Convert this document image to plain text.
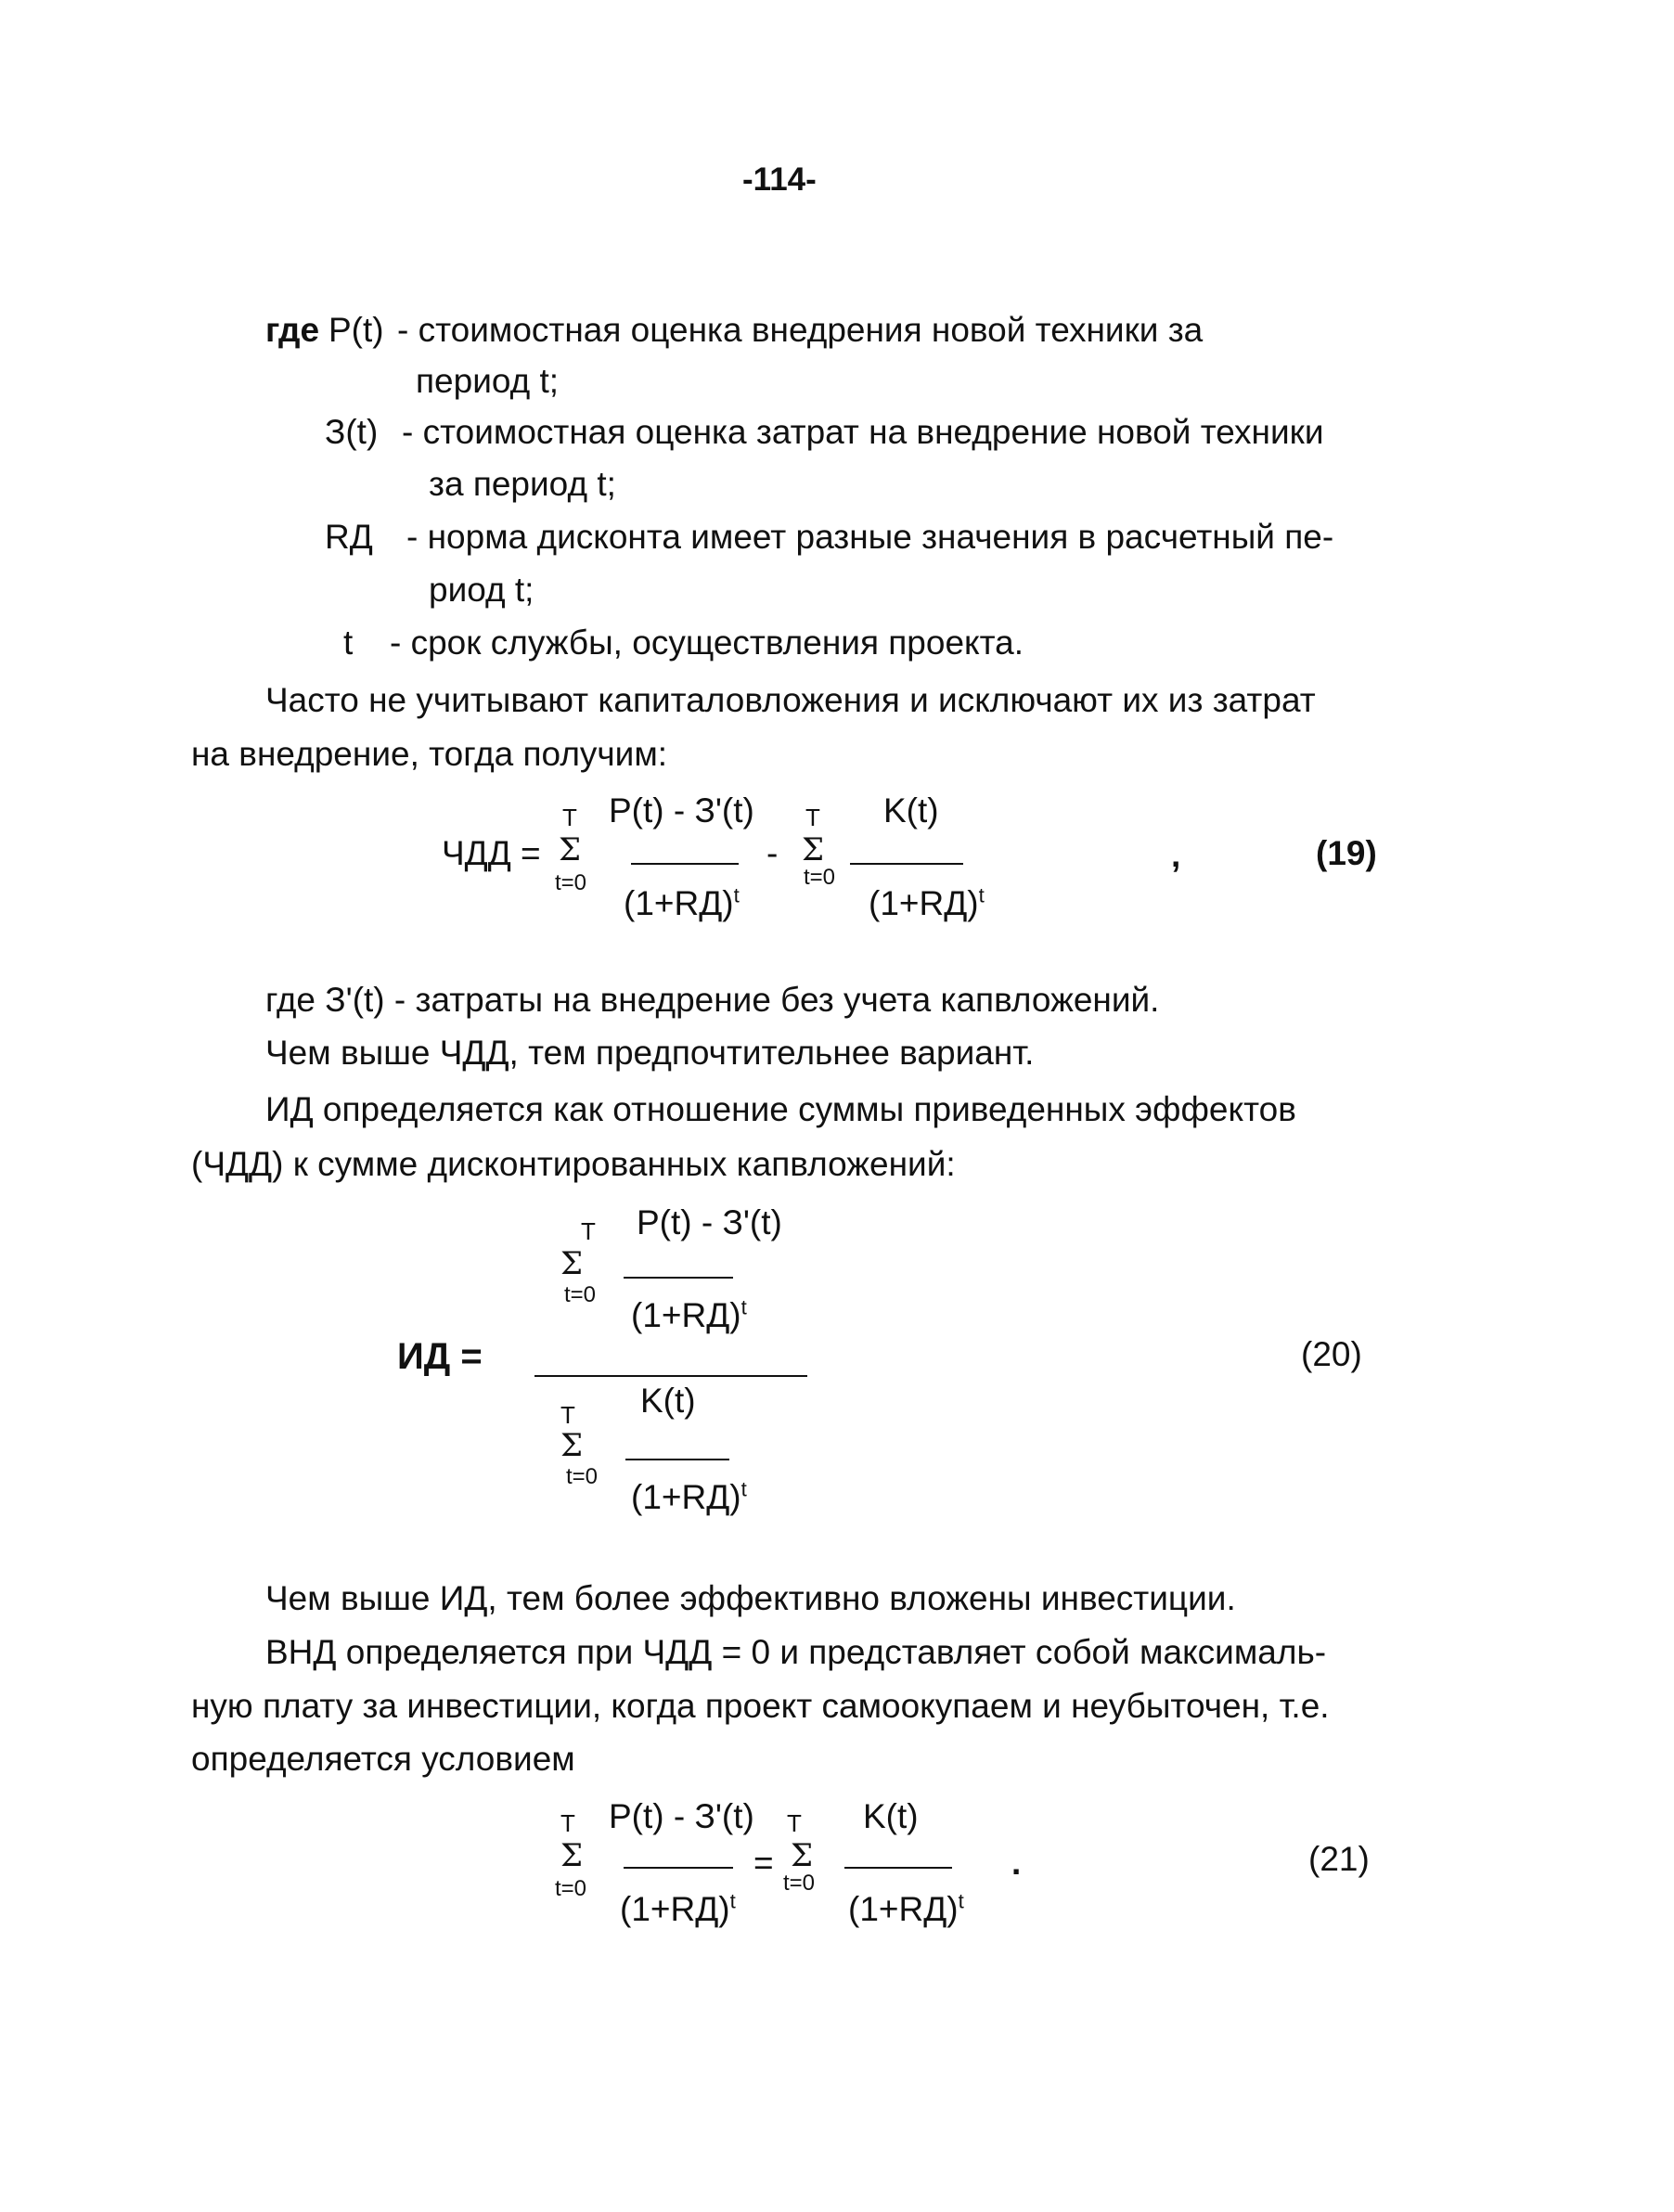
-114-
где P(t) - стоимостная оценка внедрения новой техники за
период t;
З(t) - стоимостная оценка затрат на внедрение новой техники
за период t;
RД - норма дисконта имеет разные значения в расчетный пе-
риод t;
t - срок службы, осуществления проекта.
Часто не учитывают капиталовложения и исключают их из затрат
на внедрение, тогда получим:
ЧДД =
T
Σ
t=0
P(t) - З'(t)
$(1+RД)^t$
-
T
Σ
t=0
K(t)
$(1+RД)^t$
,	(19)
где З'(t) - затраты на внедрение без учета капвложений.
Чем выше ЧДД, тем предпочтительнее вариант.
ИД определяется как отношение суммы приведенных эффектов
(ЧДД) к сумме дисконтированных капвложений:
T P(t) - З'(t)
Σ
t=0
$(1+RД)^t$
ИД =	(20)
T K(t)
Σ
t=0
$(1+RД)^t$
Чем выше ИД, тем более эффективно вложены инвестиции.
ВНД определяется при ЧДД = 0 и представляет собой максималь-
ную плату за инвестиции, когда проект самоокупаем и неубыточен, т.е.
определяется условием
T
Σ
t=0
P(t) - З'(t)
$(1+RД)^t$
=
T
Σ
t=0
K(t)
$(1+RД)^t$
.	(21)
